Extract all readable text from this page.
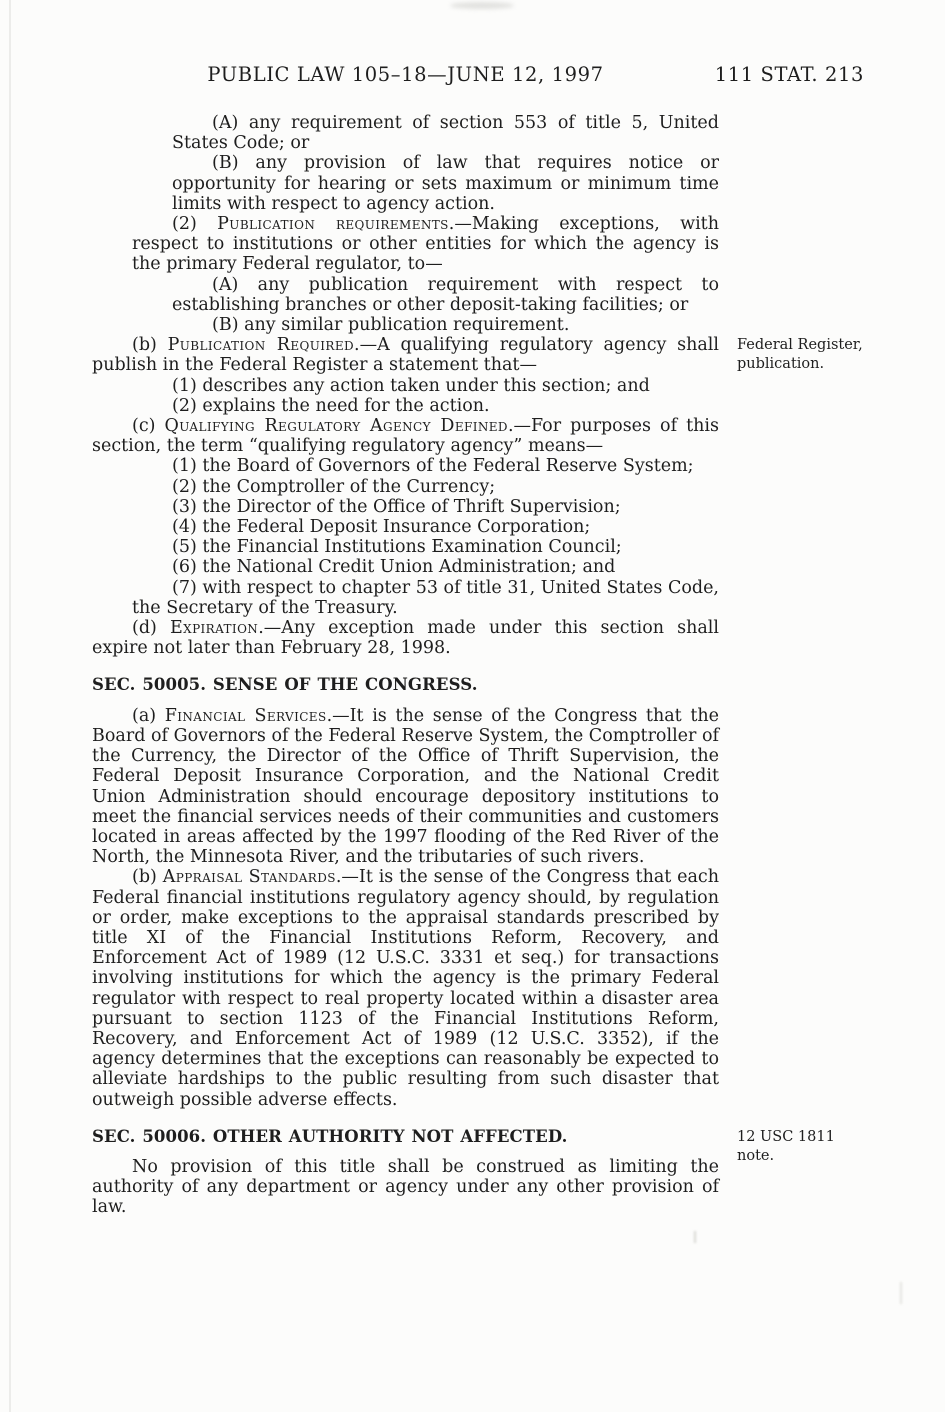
PUBLIC LAW 105–18—JUNE 12, 1997	111 STAT. 213

(A) any requirement of section 553 of title 5, United States Code; or

(B) any provision of law that requires notice or opportunity for hearing or sets maximum or minimum time limits with respect to agency action.

(2) Publication requirements.—Making exceptions, with respect to institutions or other entities for which the agency is the primary Federal regulator, to—

(A) any publication requirement with respect to establishing branches or other deposit-taking facilities; or

(B) any similar publication requirement.

(b) Publication Required.—A qualifying regulatory agency shall publish in the Federal Register a statement that—

(1) describes any action taken under this section; and

(2) explains the need for the action.

(c) Qualifying Regulatory Agency Defined.—For purposes of this section, the term “qualifying regulatory agency” means—

(1) the Board of Governors of the Federal Reserve System;

(2) the Comptroller of the Currency;

(3) the Director of the Office of Thrift Supervision;

(4) the Federal Deposit Insurance Corporation;

(5) the Financial Institutions Examination Council;

(6) the National Credit Union Administration; and

(7) with respect to chapter 53 of title 31, United States Code, the Secretary of the Treasury.

(d) Expiration.—Any exception made under this section shall expire not later than February 28, 1998.

SEC. 50005. SENSE OF THE CONGRESS.

(a) Financial Services.—It is the sense of the Congress that the Board of Governors of the Federal Reserve System, the Comptroller of the Currency, the Director of the Office of Thrift Supervision, the Federal Deposit Insurance Corporation, and the National Credit Union Administration should encourage depository institutions to meet the financial services needs of their communities and customers located in areas affected by the 1997 flooding of the Red River of the North, the Minnesota River, and the tributaries of such rivers.

(b) Appraisal Standards.—It is the sense of the Congress that each Federal financial institutions regulatory agency should, by regulation or order, make exceptions to the appraisal standards prescribed by title XI of the Financial Institutions Reform, Recovery, and Enforcement Act of 1989 (12 U.S.C. 3331 et seq.) for transactions involving institutions for which the agency is the primary Federal regulator with respect to real property located within a disaster area pursuant to section 1123 of the Financial Institutions Reform, Recovery, and Enforcement Act of 1989 (12 U.S.C. 3352), if the agency determines that the exceptions can reasonably be expected to alleviate hardships to the public resulting from such disaster that outweigh possible adverse effects.

SEC. 50006. OTHER AUTHORITY NOT AFFECTED.

No provision of this title shall be construed as limiting the authority of any department or agency under any other provision of law.

Federal Register,
publication.
12 USC 1811
note.
